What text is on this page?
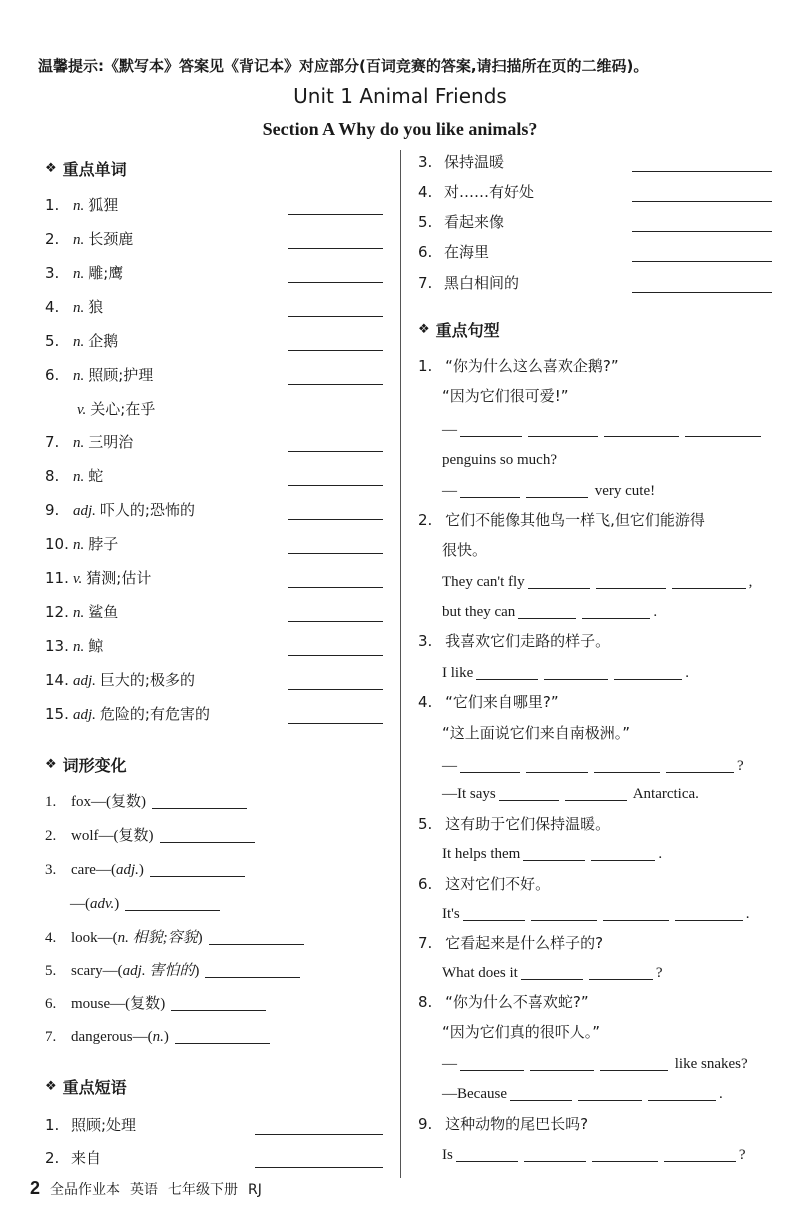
温馨提示:《默写本》答案见《背记本》对应部分(百词竞赛的答案,请扫描所在页的二维码)。
Unit 1 Animal Friends
Section A Why do you like animals?
❖ 重点单词
1. n. 狐狸
2. n. 长颈鹿
3. n. 雕;鹰
4. n. 狼
5. n. 企鹅
6. n. 照顾;护理
v. 关心;在乎
7. n. 三明治
8. n. 蛇
9. adj. 吓人的;恐怖的
10. n. 脖子
11. v. 猜测;估计
12. n. 鲨鱼
13. n. 鲸
14. adj. 巨大的;极多的
15. adj. 危险的;有危害的
❖ 词形变化
1. fox—(复数)
2. wolf—(复数)
3. care—(adj.)
—(adv.)
4. look—(n. 相貌;容貌)
5. scary—(adj. 害怕的)
6. mouse—(复数)
7. dangerous—(n.)
❖ 重点短语
1. 照顾;处理
2. 来自
2 全品作业本 英语 七年级下册 RJ
3. 保持温暖
4. 对……有好处
5. 看起来像
6. 在海里
7. 黑白相间的
❖ 重点句型
1. “你为什么这么喜欢企鹅?”
“因为它们很可爱!”
—
penguins so much?
—	very cute!
2. 它们不能像其他鸟一样飞,但它们能游得
很快。
They can't fly	,
but they can	.
3. 我喜欢它们走路的样子。
I like	.
4. “它们来自哪里?”
“这上面说它们来自南极洲。”
—	?
—It says	Antarctica.
5. 这有助于它们保持温暖。
It helps them	.
6. 这对它们不好。
It's	.
7. 它看起来是什么样子的?
What does it	?
8. “你为什么不喜欢蛇?”
“因为它们真的很吓人。”
—	like snakes?
—Because	.
9. 这种动物的尾巴长吗?
Is	?
